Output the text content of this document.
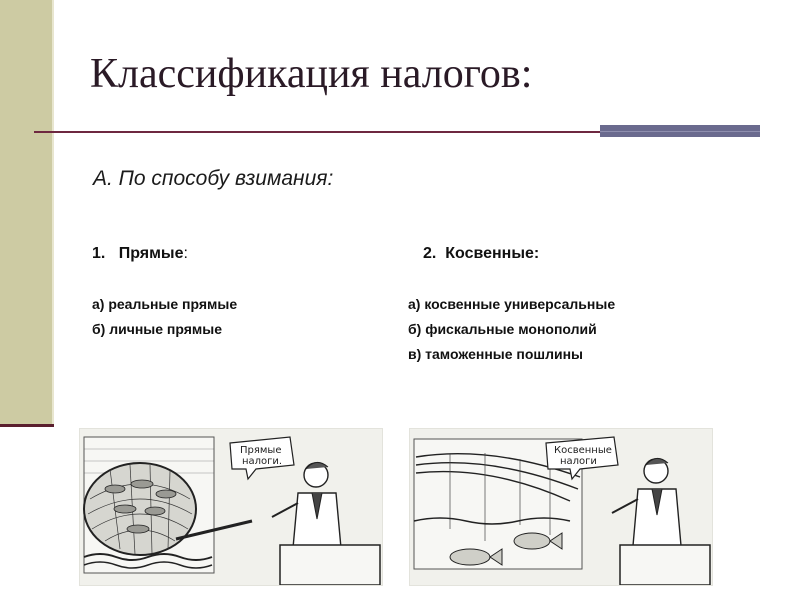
Классификация налогов:
А. По способу взимания:
1. Прямые:	2. Косвенные:
а) реальные прямые
б) личные прямые
а) косвенные универсальные
б) фискальные монополий
в) таможенные пошлины
Прямые
налоги.
Косвенные
налоги
